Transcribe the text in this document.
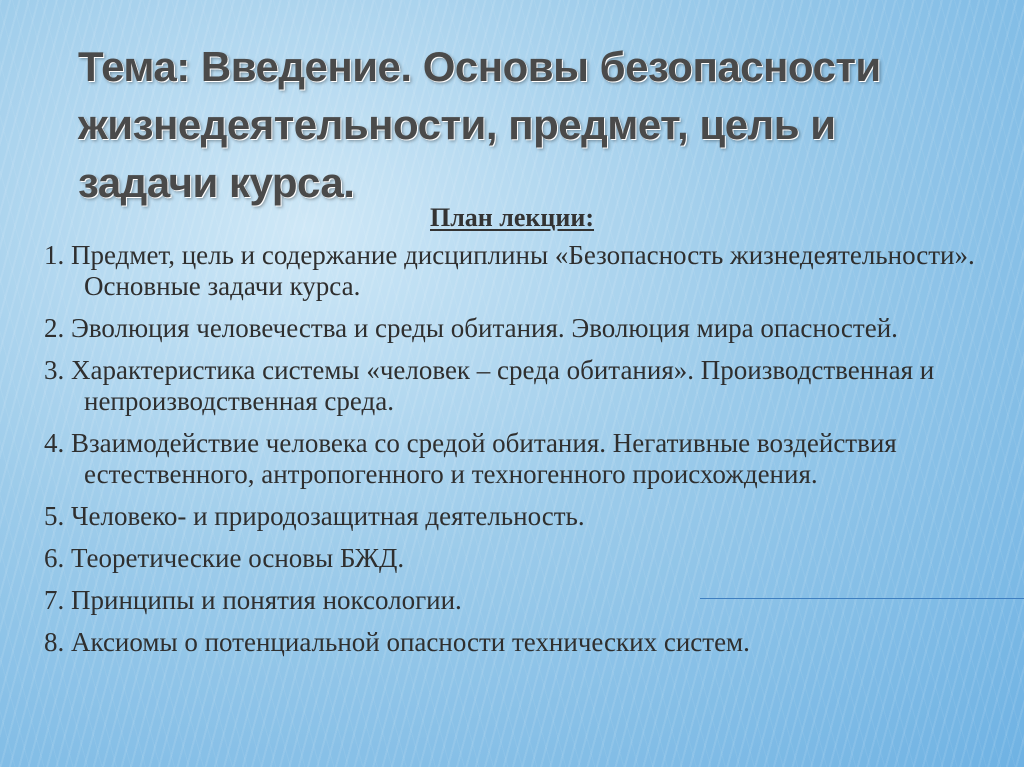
Тема: Введение. Основы безопасности жизнедеятельности, предмет, цель и задачи курса.
План лекции:
1. Предмет, цель и содержание дисциплины «Безопасность жизнедеятельности». Основные задачи курса.
2. Эволюция человечества и среды обитания. Эволюция мира опасностей.
3. Характеристика системы «человек – среда обитания». Производственная и непроизводственная среда.
4. Взаимодействие человека со средой обитания. Негативные воздействия естественного, антропогенного и техногенного происхождения.
5. Человеко- и природозащитная деятельность.
6. Теоретические основы БЖД.
7. Принципы и понятия ноксологии.
8. Аксиомы о потенциальной опасности технических систем.
